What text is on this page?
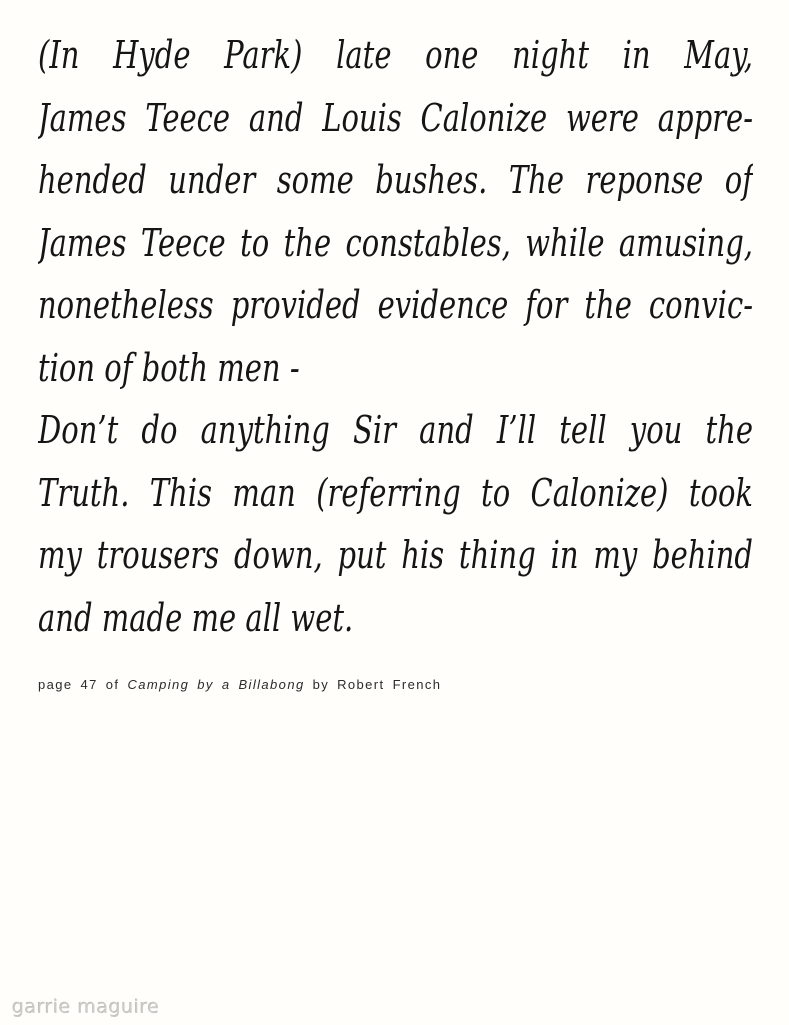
(In Hyde Park) late one night in May,
James Teece and Louis Calonize were appre-
hended under some bushes. The reponse of
James Teece to the constables, while amusing,
nonetheless provided evidence for the convic-
tion of both men -
Don’t do anything Sir and I’ll tell you the
Truth. This man (referring to Calonize) took
my trousers down, put his thing in my behind
and made me all wet.
page 47 of Camping by a Billabong by Robert French
garrie maguire
